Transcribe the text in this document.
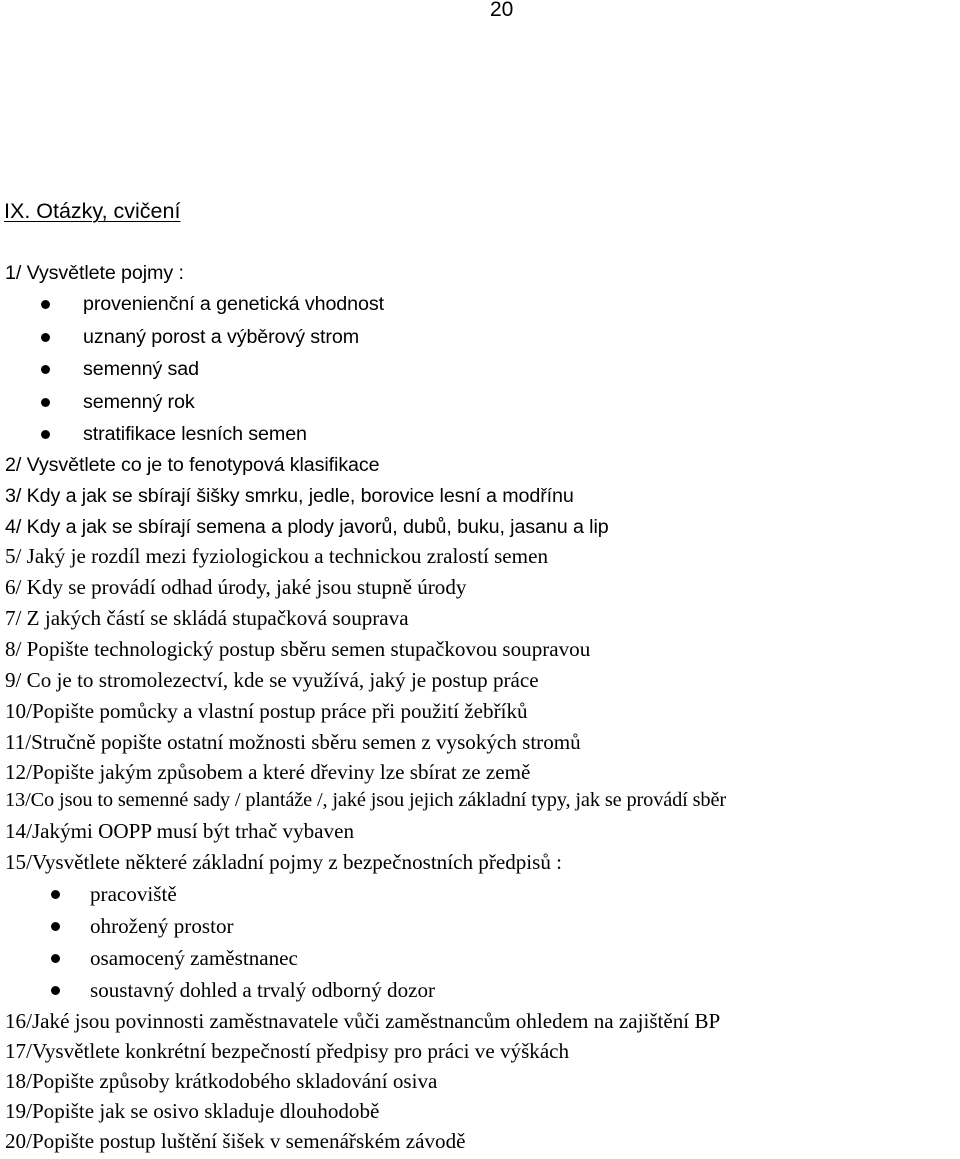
20
IX. Otázky, cvičení
1/ Vysvětlete pojmy :
provenienční a genetická vhodnost
uznaný porost a výběrový strom
semenný sad
semenný rok
stratifikace lesních semen
2/ Vysvětlete co je to fenotypová klasifikace
3/ Kdy a jak se sbírají šišky smrku, jedle, borovice lesní a modřínu
4/ Kdy a jak se sbírají semena a plody javorů, dubů, buku, jasanu a lip
5/ Jaký je rozdíl mezi fyziologickou a technickou zralostí semen
6/ Kdy se provádí odhad úrody, jaké jsou stupně úrody
7/ Z jakých částí se skládá stupačková souprava
8/ Popište technologický postup sběru semen stupačkovou soupravou
9/ Co je to stromolezectví, kde se využívá, jaký je postup práce
10/Popište pomůcky a vlastní postup práce při použití žebříků
11/Stručně popište ostatní možnosti sběru semen z vysokých stromů
12/Popište jakým způsobem a které dřeviny lze sbírat ze země
13/Co jsou to semenné sady / plantáže /, jaké jsou jejich základní typy, jak se provádí sběr
14/Jakými OOPP musí být trhač vybaven
15/Vysvětlete některé základní pojmy z bezpečnostních předpisů :
pracoviště
ohrožený prostor
osamocený zaměstnanec
soustavný dohled a trvalý odborný dozor
16/Jaké jsou povinnosti zaměstnavatele vůči zaměstnancům ohledem na zajištění BP
17/Vysvětlete konkrétní bezpečností předpisy pro práci ve výškách
18/Popište způsoby krátkodobého skladování osiva
19/Popište jak se osivo skladuje dlouhodobě
20/Popište postup luštění šišek v semenářském závodě
